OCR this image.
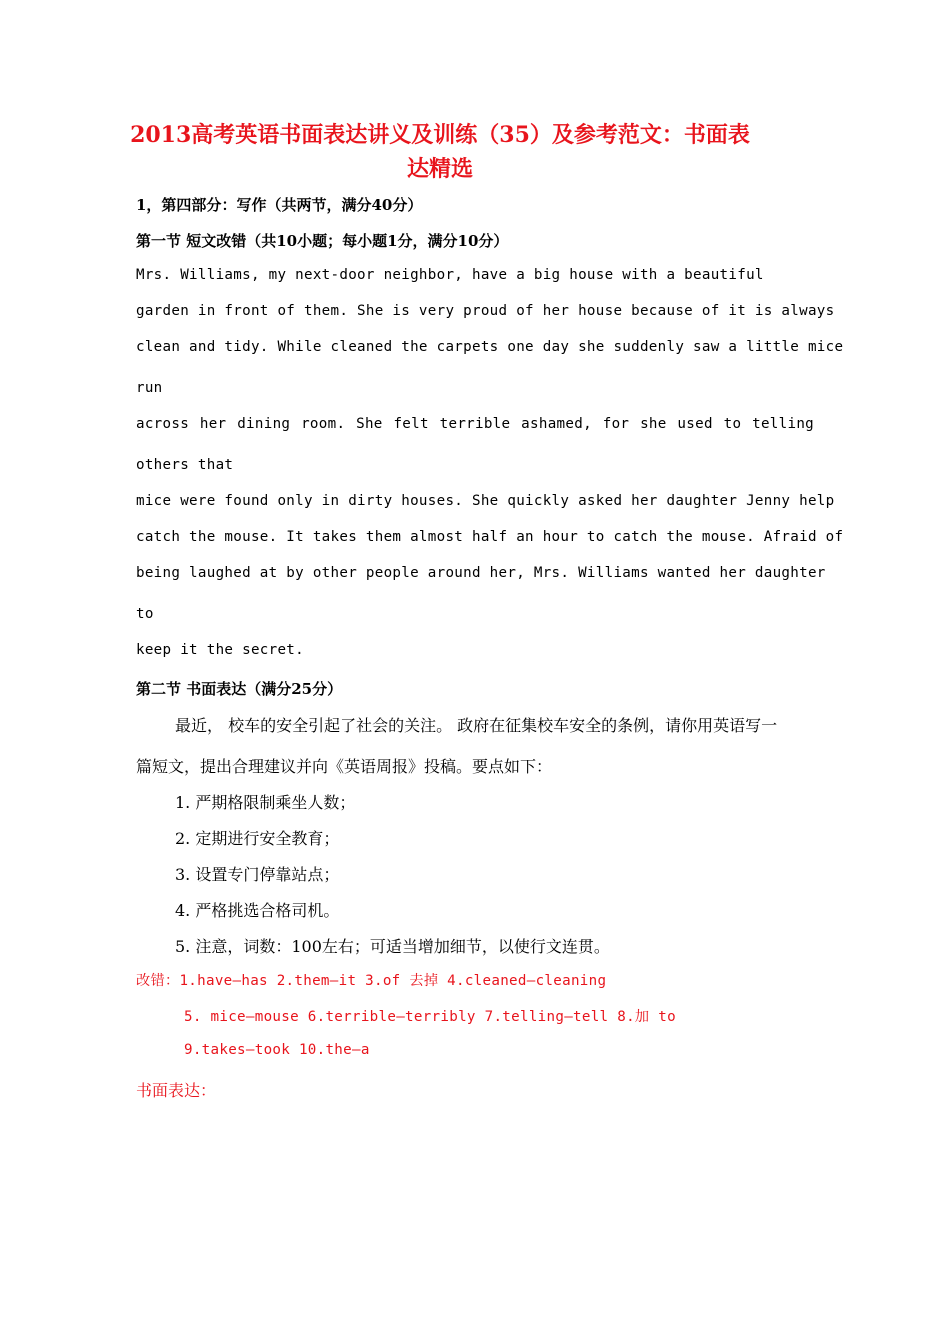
2013高考英语书面表达讲义及训练（35）及参考范文：书面表
达精选
1，第四部分：写作（共两节，满分40分）
第一节 短文改错（共10小题；每小题1分，满分10分）
Mrs. Williams, my next-door neighbor, have a big house with a beautiful
garden in front of them. She is very proud of her house because of it is always
clean and tidy. While cleaned the carpets one day she suddenly saw a little mice
run
across her dining room. She felt terrible ashamed, for she used to telling
others that
mice were found only in dirty houses. She quickly asked her daughter Jenny help
catch the mouse. It takes them almost half an hour to catch the mouse. Afraid of
being laughed at by other people around her, Mrs. Williams wanted her daughter
to
keep it the secret.
第二节 书面表达（满分25分）
最近， 校车的安全引起了社会的关注。 政府在征集校车安全的条例，请你用英语写一
篇短文，提出合理建议并向《英语周报》投稿。要点如下：
1. 严期格限制乘坐人数；
2. 定期进行安全教育；
3. 设置专门停靠站点；
4. 严格挑选合格司机。
5. 注意，词数：100左右；可适当增加细节，以使行文连贯。
改错：1.have—has 2.them—it 3.of 去掉 4.cleaned—cleaning
5. mice—mouse 6.terrible—terribly 7.telling—tell 8.加 to
9.takes—took 10.the—a
书面表达：
